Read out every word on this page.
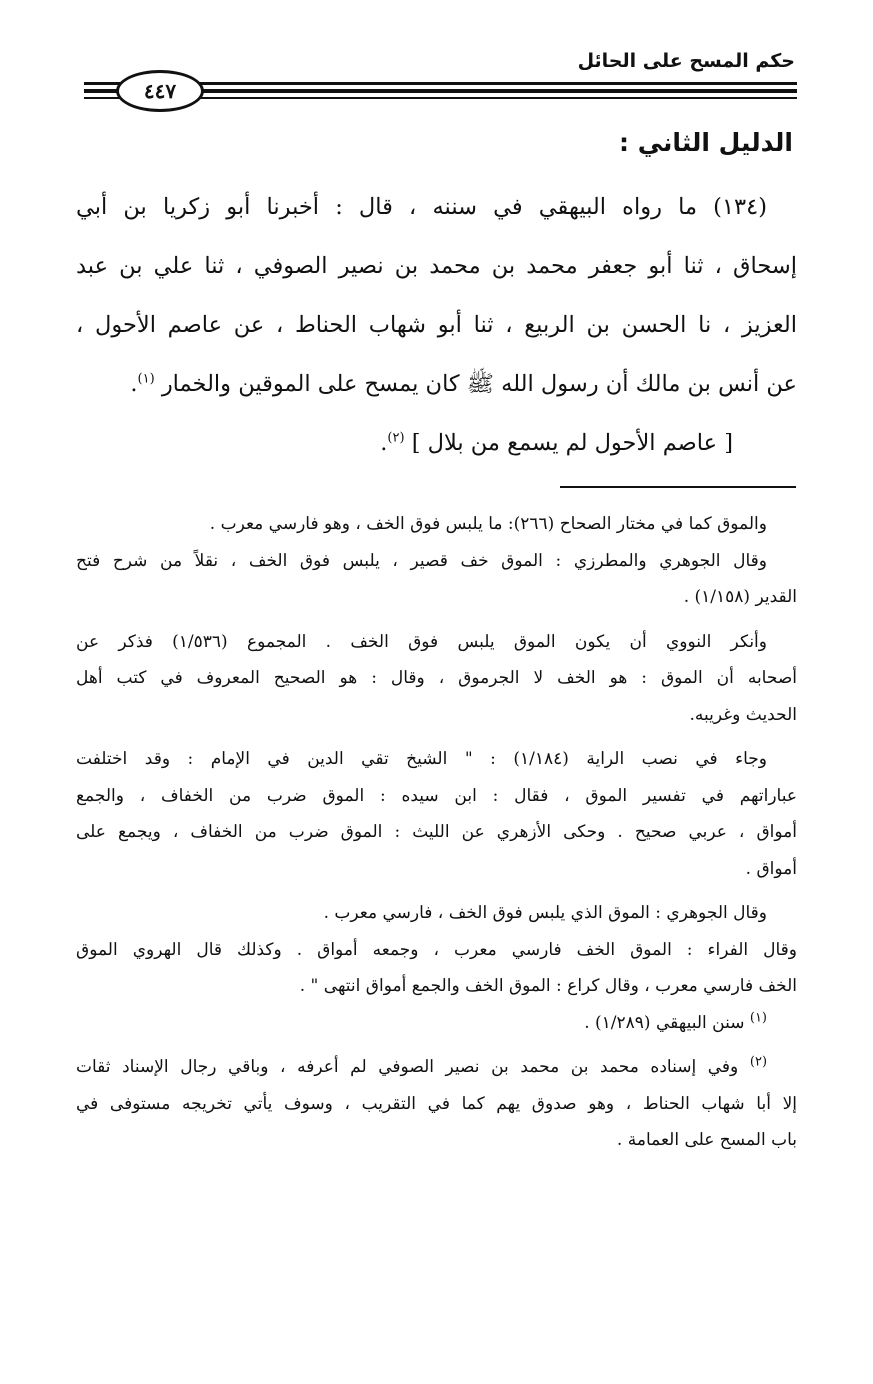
حكم المسح على الحائل
٤٤٧
الدليل الثاني :
(١٣٤) ما رواه البيهقي في سننه ، قال : أخبرنا أبو زكريا بن أبي
إسحاق ، ثنا أبو جعفر محمد بن محمد بن نصير الصوفي ، ثنا علي بن عبد
العزيز ، نا الحسن بن الربيع ، ثنا أبو شهاب الحناط ، عن عاصم الأحول ،
عن أنس بن مالك أن رسول الله ﷺ كان يمسح على الموقين والخمار $^{(١)}$.
[ عاصم الأحول لم يسمع من بلال ] $^{(٢)}$.
والموق كما في مختار الصحاح (٢٦٦): ما يلبس فوق الخف ، وهو فارسي معرب .
وقال الجوهري والمطرزي : الموق خف قصير ، يلبس فوق الخف ، نقلاً من شرح فتح
القدير (١/١٥٨) .
وأنكر النووي أن يكون الموق يلبس فوق الخف . المجموع (١/٥٣٦) فذكر عن
أصحابه أن الموق : هو الخف لا الجرموق ، وقال : هو الصحيح المعروف في كتب أهل
الحديث وغريبه.
وجاء في نصب الراية (١/١٨٤) : " الشيخ تقي الدين في الإمام : وقد اختلفت
عباراتهم في تفسير الموق ، فقال : ابن سيده : الموق ضرب من الخفاف ، والجمع
أمواق ، عربي صحيح . وحكى الأزهري عن الليث : الموق ضرب من الخفاف ، ويجمع على
أمواق .
وقال الجوهري : الموق الذي يلبس فوق الخف ، فارسي معرب .
وقال الفراء : الموق الخف فارسي معرب ، وجمعه أمواق . وكذلك قال الهروي الموق
الخف فارسي معرب ، وقال كراع : الموق الخف والجمع أمواق انتهى " .
$^{(١)}$ سنن البيهقي (١/٢٨٩) .
$^{(٢)}$ وفي إسناده محمد بن محمد بن نصير الصوفي لم أعرفه ، وباقي رجال الإسناد ثقات
إلا أبا شهاب الحناط ، وهو صدوق يهم كما في التقريب ، وسوف يأتي تخريجه مستوفى في
باب المسح على العمامة .
